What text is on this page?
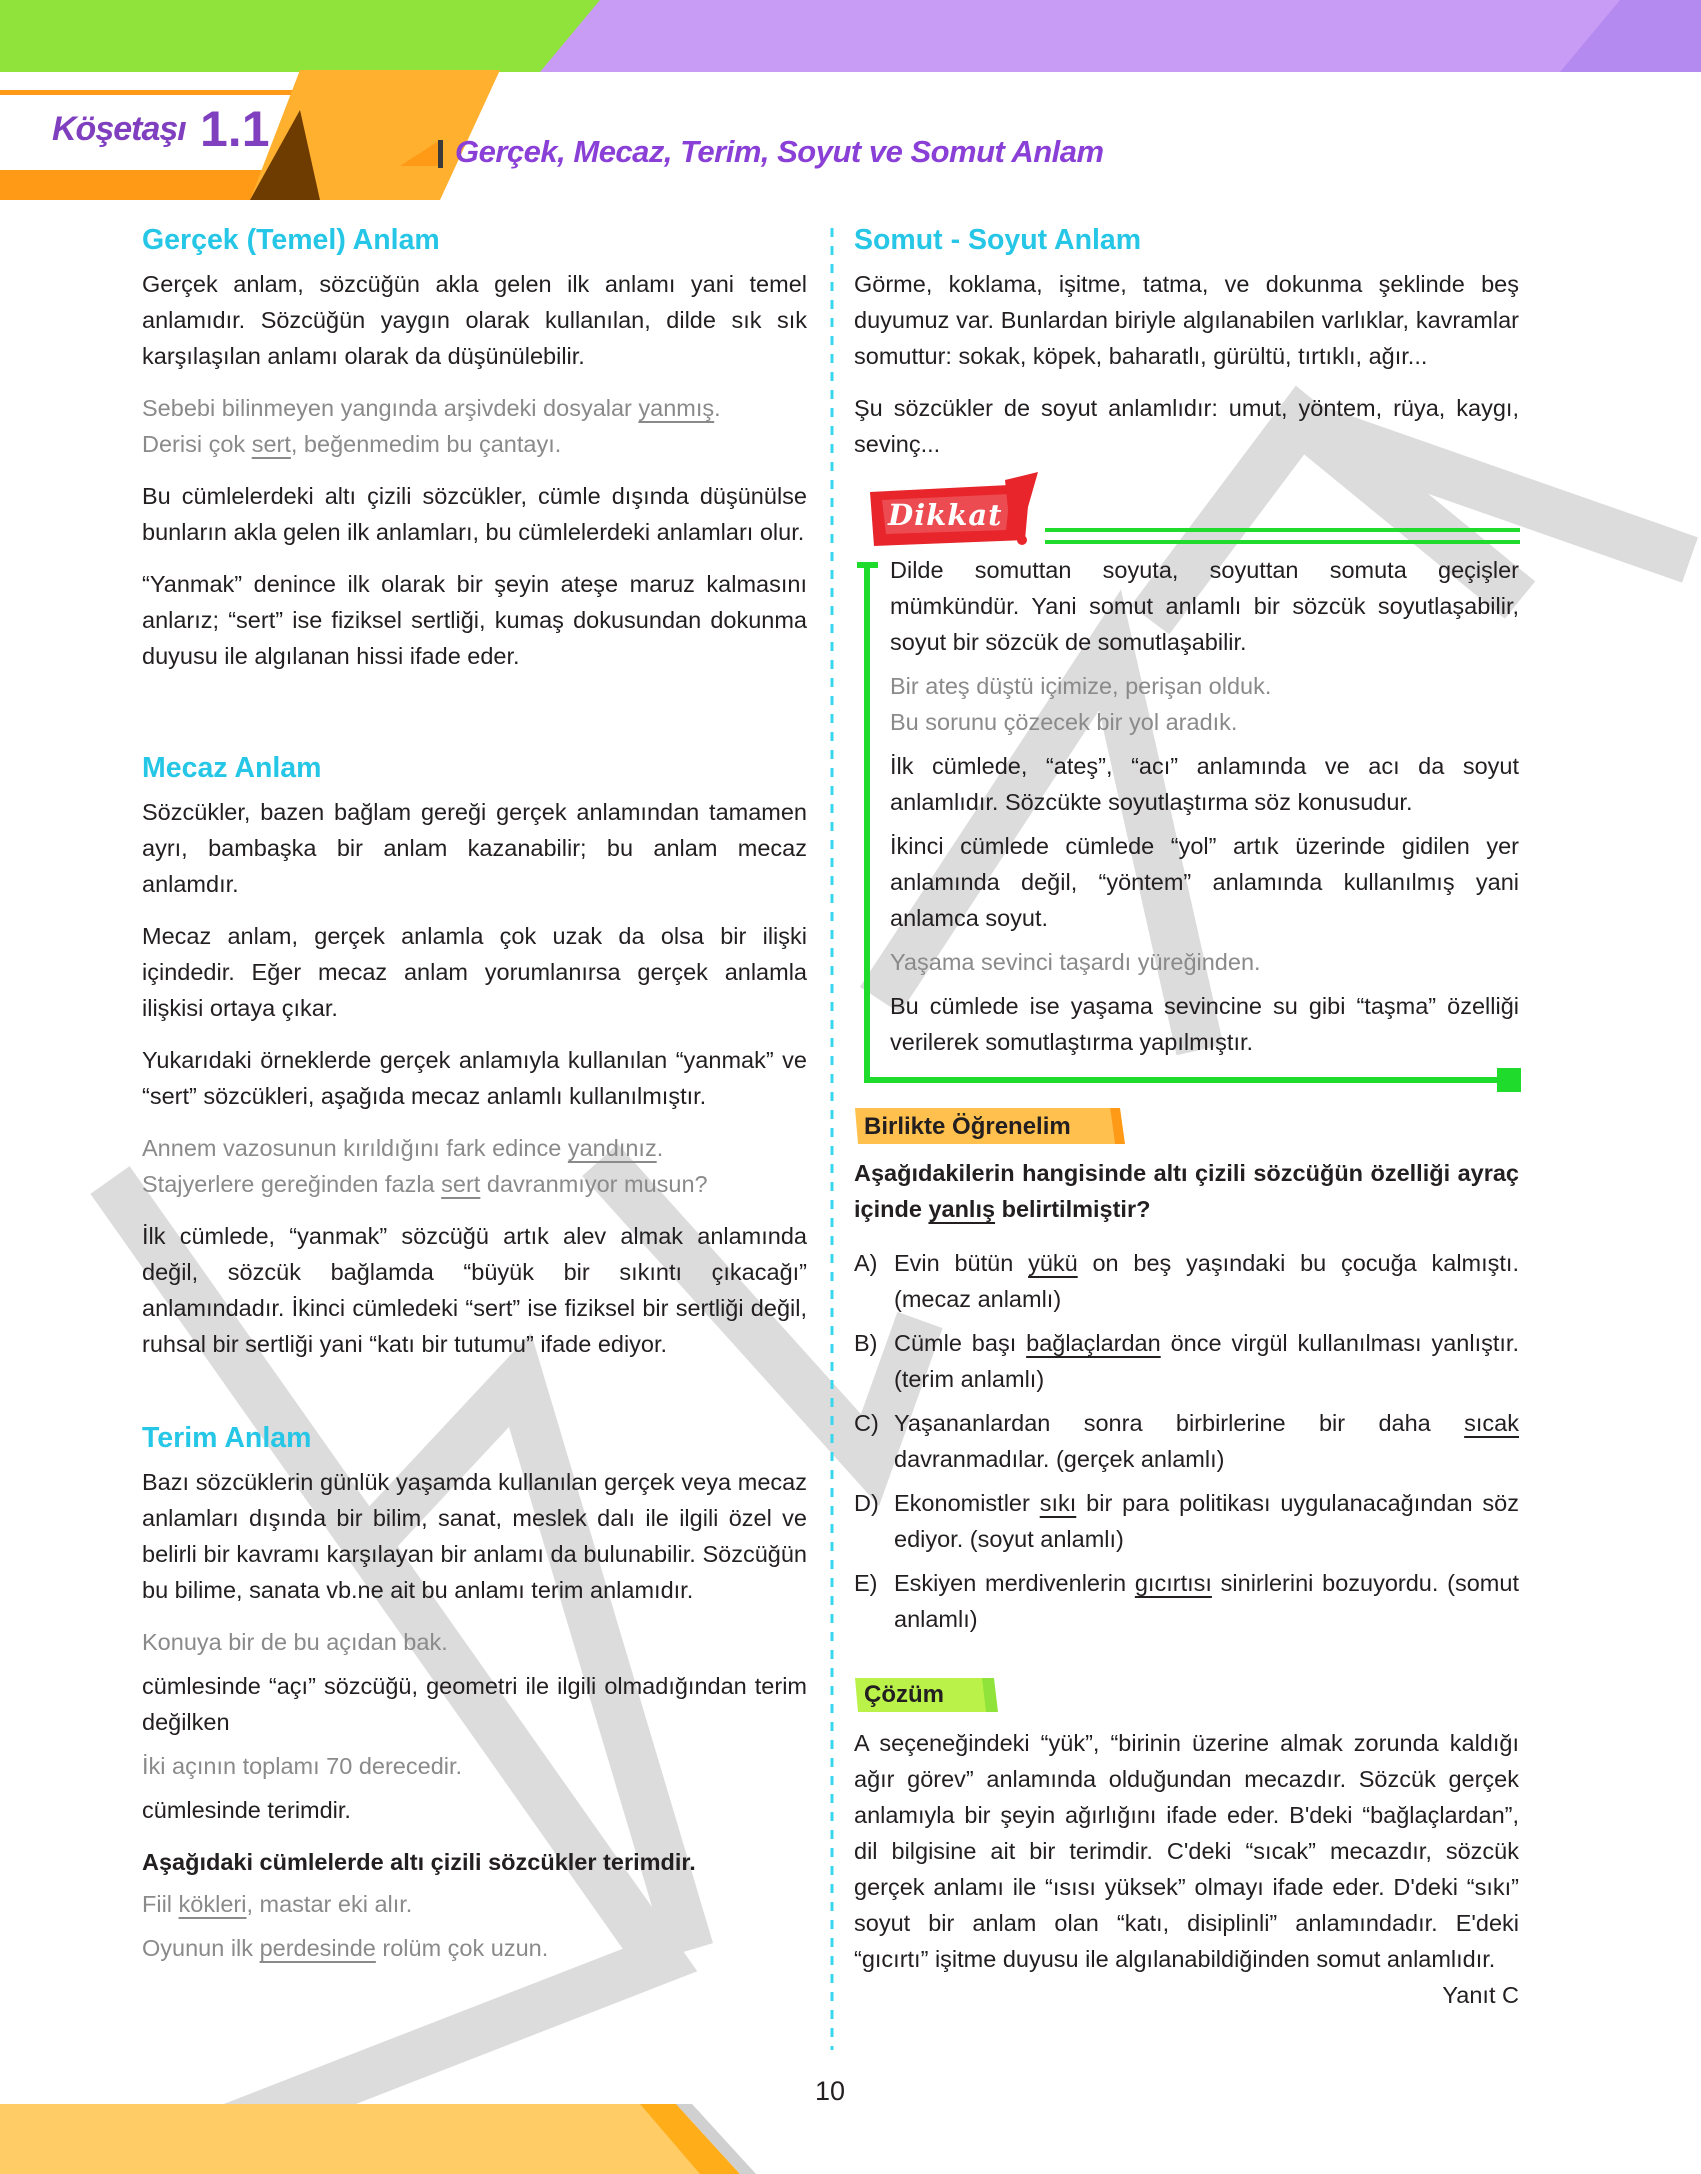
Köşetaşı 1.1	Gerçek, Mecaz, Terim, Soyut ve Somut Anlam
Gerçek (Temel) Anlam

Gerçek anlam, sözcüğün akla gelen ilk anlamı yani temel anlamıdır. Sözcüğün yaygın olarak kullanılan, dilde sık sık karşılaşılan anlamı olarak da düşünülebilir.

Sebebi bilinmeyen yangında arşivdeki dosyalar yanmış.

Derisi çok sert, beğenmedim bu çantayı.

Bu cümlelerdeki altı çizili sözcükler, cümle dışında düşünülse bunların akla gelen ilk anlamları, bu cümlelerdeki anlamları olur.

“Yanmak” denince ilk olarak bir şeyin ateşe maruz kalmasını anlarız; “sert” ise fiziksel sertliği, kumaş dokusundan dokunma duyusu ile algılanan hissi ifade eder.

Mecaz Anlam

Sözcükler, bazen bağlam gereği gerçek anlamından tamamen ayrı, bambaşka bir anlam kazanabilir; bu anlam mecaz anlamdır.

Mecaz anlam, gerçek anlamla çok uzak da olsa bir ilişki içindedir. Eğer mecaz anlam yorumlanırsa gerçek anlamla ilişkisi ortaya çıkar.

Yukarıdaki örneklerde gerçek anlamıyla kullanılan “yanmak” ve “sert” sözcükleri, aşağıda mecaz anlamlı kullanılmıştır.

Annem vazosunun kırıldığını fark edince yandınız.

Stajyerlere gereğinden fazla sert davranmıyor musun?

İlk cümlede, “yanmak” sözcüğü artık alev almak anlamında değil, sözcük bağlamda “büyük bir sıkıntı çıkacağı” anlamındadır. İkinci cümledeki “sert” ise fiziksel bir sertliği değil, ruhsal bir sertliği yani “katı bir tutumu” ifade ediyor.

Terim Anlam

Bazı sözcüklerin günlük yaşamda kullanılan gerçek veya mecaz anlamları dışında bir bilim, sanat, meslek dalı ile ilgili özel ve belirli bir kavramı karşılayan bir anlamı da bulunabilir. Sözcüğün bu bilime, sanata vb.ne ait bu anlamı terim anlamıdır.

Konuya bir de bu açıdan bak.

cümlesinde “açı” sözcüğü, geometri ile ilgili olmadığından terim değilken

İki açının toplamı 70 derecedir.

cümlesinde terimdir.

Aşağıdaki cümlelerde altı çizili sözcükler terimdir.

Fiil kökleri, mastar eki alır.

Oyunun ilk perdesinde rolüm çok uzun.

Somut - Soyut Anlam

Görme, koklama, işitme, tatma, ve dokunma şeklinde beş duyumuz var. Bunlardan biriyle algılanabilen varlıklar, kavramlar somuttur: sokak, köpek, baharatlı, gürültü, tırtıklı, ağır...

Şu sözcükler de soyut anlamlıdır: umut, yöntem, rüya, kaygı, sevinç...

Dikkat

Dilde somuttan soyuta, soyuttan somuta geçişler mümkündür. Yani somut anlamlı bir sözcük soyutlaşabilir, soyut bir sözcük de somutlaşabilir.

Bir ateş düştü içimize, perişan olduk.

Bu sorunu çözecek bir yol aradık.

İlk cümlede, “ateş”, “acı” anlamında ve acı da soyut anlamlıdır. Sözcükte soyutlaştırma söz konusudur.

İkinci cümlede cümlede “yol” artık üzerinde gidilen yer anlamında değil, “yöntem” anlamında kullanılmış yani anlamca soyut.

Yaşama sevinci taşardı yüreğinden.

Bu cümlede ise yaşama sevincine su gibi “taşma” özelliği verilerek somutlaştırma yapılmıştır.

Birlikte Öğrenelim

Aşağıdakilerin hangisinde altı çizili sözcüğün özelliği ayraç içinde yanlış belirtilmiştir?

A) Evin bütün yükü on beş yaşındaki bu çocuğa kalmıştı. (mecaz anlamlı)
B) Cümle başı bağlaçlardan önce virgül kullanılması yanlıştır. (terim anlamlı)
C) Yaşananlardan sonra birbirlerine bir daha sıcak davranmadılar. (gerçek anlamlı)
D) Ekonomistler sıkı bir para politikası uygulanacağından söz ediyor. (soyut anlamlı)
E) Eskiyen merdivenlerin gıcırtısı sinirlerini bozuyordu. (somut anlamlı)
Çözüm

A seçeneğindeki “yük”, “birinin üzerine almak zorunda kaldığı ağır görev” anlamında olduğundan mecazdır. Sözcük gerçek anlamıyla bir şeyin ağırlığını ifade eder. B'deki “bağlaçlardan”, dil bilgisine ait bir terimdir. C'deki “sıcak” mecazdır, sözcük gerçek anlamı ile “ısısı yüksek” olmayı ifade eder. D'deki “sıkı” soyut bir anlam olan “katı, disiplinli” anlamındadır. E'deki “gıcırtı” işitme duyusu ile algılanabildiğinden somut anlamlıdır.

Yanıt C

10
